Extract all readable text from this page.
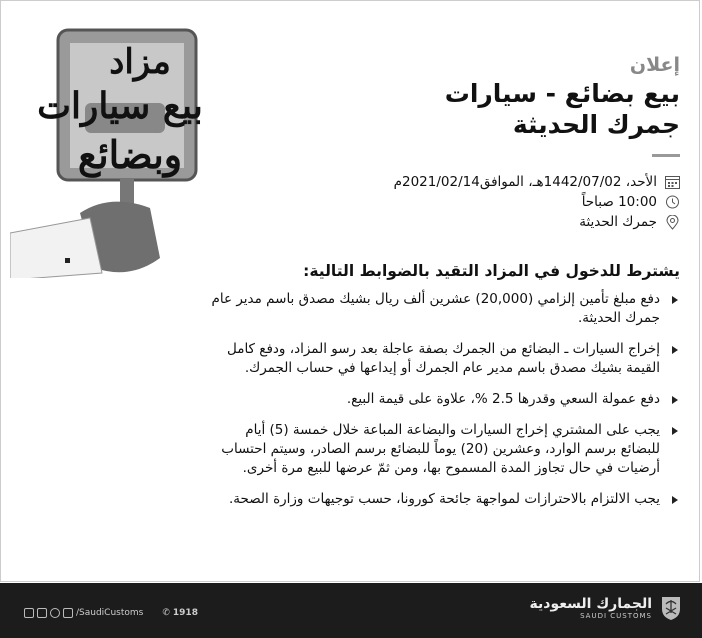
مزاد
بيع سيارات
وبضائع
إعلان
بيع بضائع - سيارات
جمرك الحديثة
الأحد، 1442/07/02هـ، الموافق2021/02/14م
10:00 صباحاً
جمرك الحديثة
يشترط للدخول في المزاد التقيد بالضوابط التالية:
دفع مبلغ تأمين إلزامي (20,000) عشرين ألف ريال بشيك مصدق باسم مدير عام جمرك الحديثة.
إخراج السيارات ـ البضائع من الجمرك بصفة عاجلة بعد رسو المزاد، ودفع كامل القيمة بشيك مصدق باسم مدير عام الجمرك أو إيداعها في حساب الجمرك.
دفع عمولة السعي وقدرها 2.5 %، علاوة على قيمة البيع.
يجب على المشتري إخراج السيارات والبضاعة المباعة خلال خمسة (5) أيام للبضائع برسم الوارد، وعشرين (20) يوماً للبضائع برسم الصادر، وسيتم احتساب أرضيات في حال تجاوز المدة المسموح بها، ومن ثمّ عرضها للبيع مرة أخرى.
يجب الالتزام بالاحترازات لمواجهة جائحة كورونا، حسب توجيهات وزارة الصحة.
/SaudiCustoms ✆ 1918
الجمارك السعودية
SAUDI CUSTOMS
